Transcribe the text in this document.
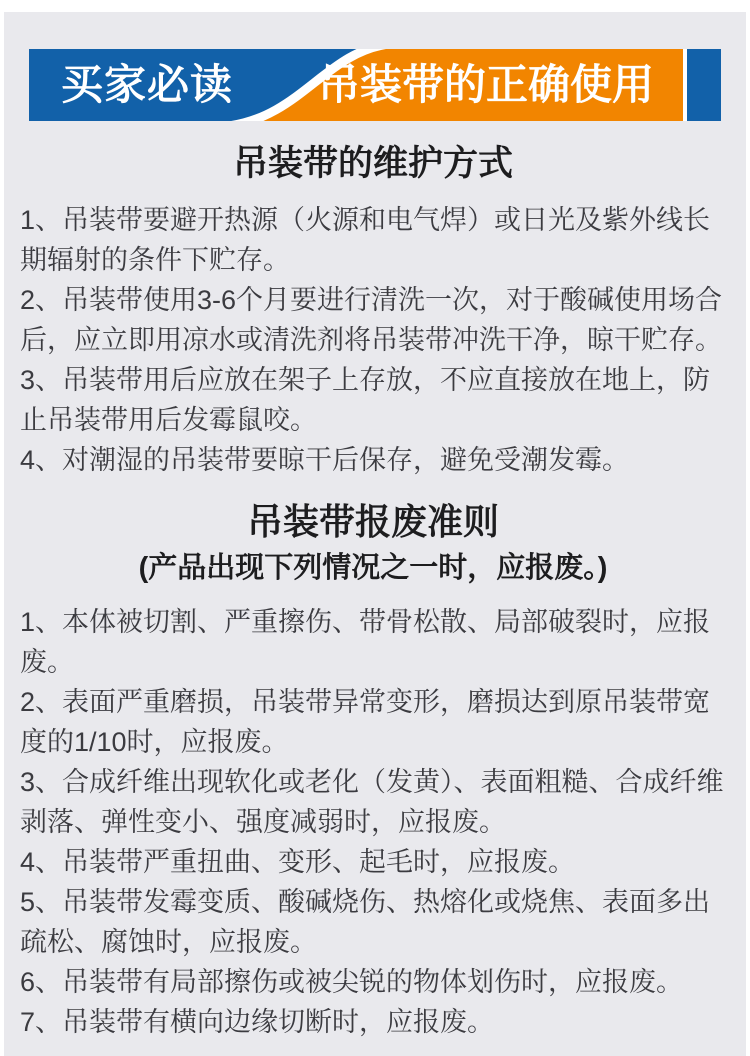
买家必读	吊装带的正确使用
吊装带的维护方式

1、吊装带要避开热源（火源和电气焊）或日光及紫外线长期辐射的条件下贮存。

2、吊装带使用3-6个月要进行清洗一次，对于酸碱使用场合后，应立即用凉水或清洗剂将吊装带冲洗干净，晾干贮存。

3、吊装带用后应放在架子上存放，不应直接放在地上，防止吊装带用后发霉鼠咬。

4、对潮湿的吊装带要晾干后保存，避免受潮发霉。

吊装带报废准则

(产品出现下列情况之一时，应报废。)

1、本体被切割、严重擦伤、带骨松散、局部破裂时，应报废。

2、表面严重磨损，吊装带异常变形，磨损达到原吊装带宽度的1/10时，应报废。

3、合成纤维出现软化或老化（发黄）、表面粗糙、合成纤维剥落、弹性变小、强度减弱时，应报废。

4、吊装带严重扭曲、变形、起毛时，应报废。

5、吊装带发霉变质、酸碱烧伤、热熔化或烧焦、表面多出疏松、腐蚀时，应报废。

6、吊装带有局部擦伤或被尖锐的物体划伤时，应报废。

7、吊装带有横向边缘切断时，应报废。
